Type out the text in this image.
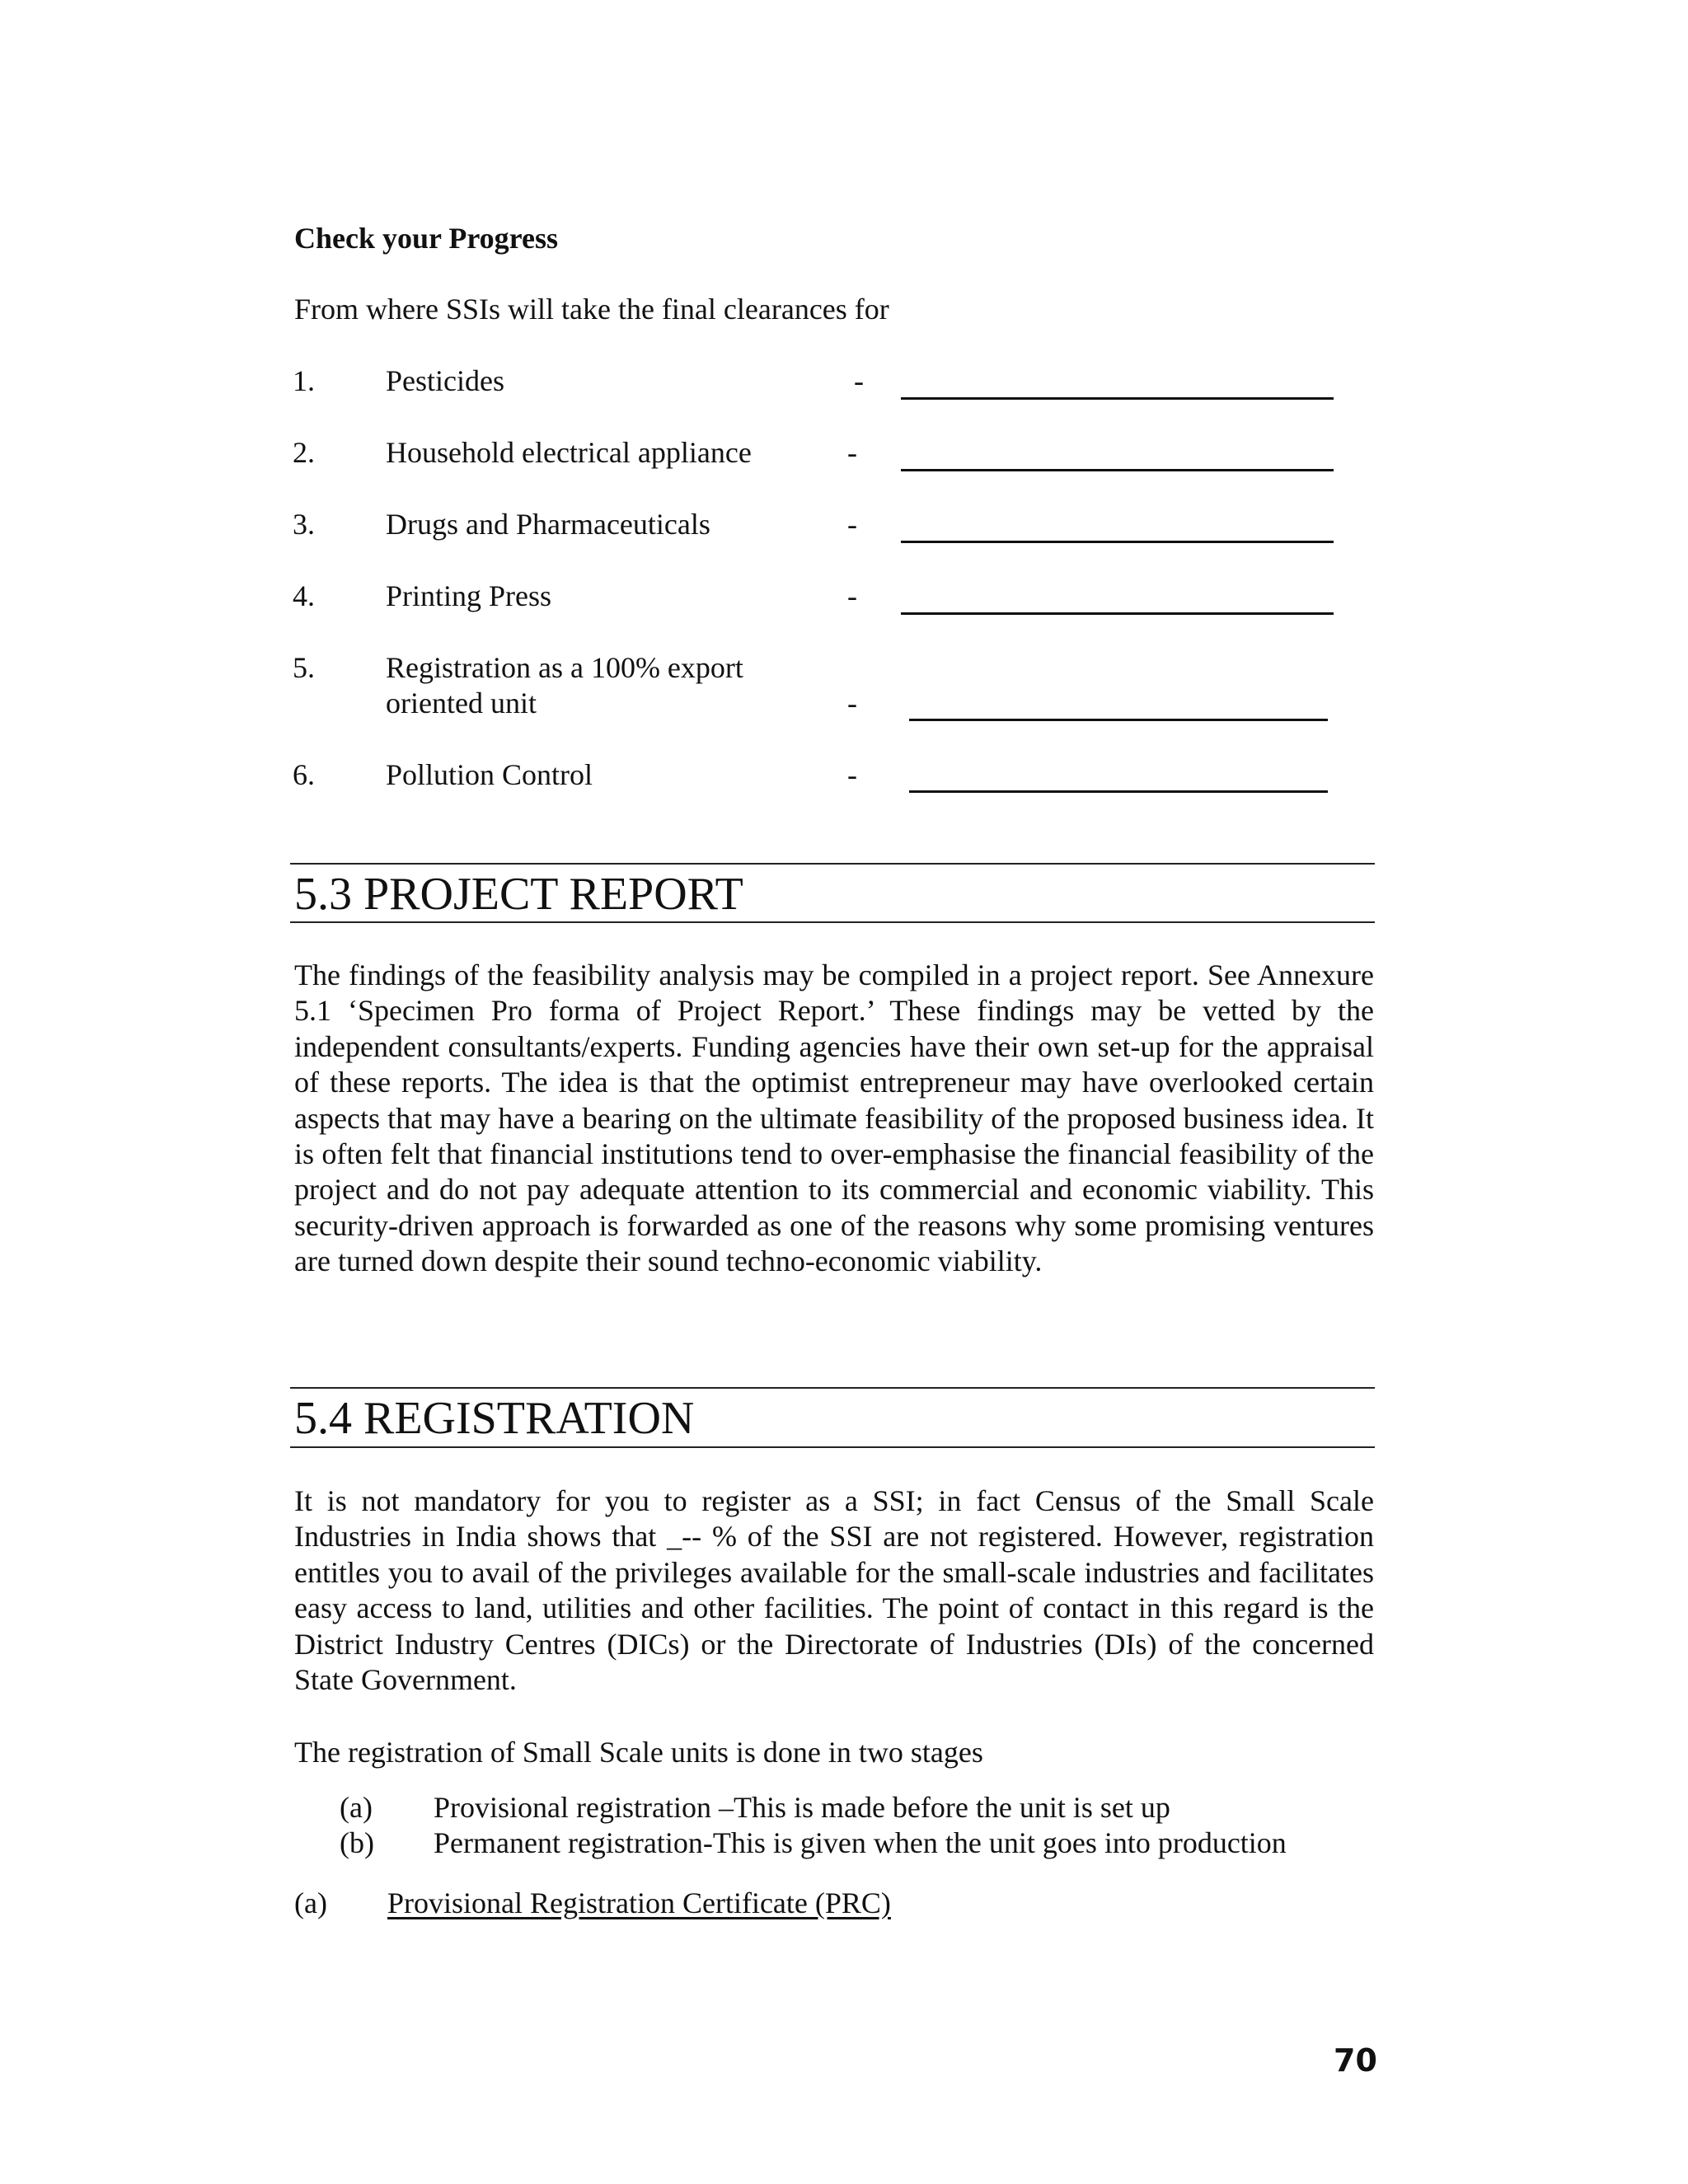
Check your Progress
From where SSIs will take the final clearances for
1. Pesticides	-
2. Household electrical appliance	-
3. Drugs and Pharmaceuticals	-
4. Printing Press	-
5. Registration as a 100% export
oriented unit	-
6. Pollution Control	-
5.3 PROJECT REPORT
The findings of the feasibility analysis may be compiled in a project report. See Annexure 5.1 ‘Specimen Pro forma of Project Report.’ These findings may be vetted by the independent consultants/experts. Funding agencies have their own set-up for the appraisal of these reports. The idea is that the optimist entrepreneur may have overlooked certain aspects that may have a bearing on the ultimate feasibility of the proposed business idea. It is often felt that financial institutions tend to over-emphasise the financial feasibility of the project and do not pay adequate attention to its commercial and economic viability. This security-driven approach is forwarded as one of the reasons why some promising ventures are turned down despite their sound techno-economic viability.
5.4 REGISTRATION
It is not mandatory for you to register as a SSI; in fact Census of the Small Scale Industries in India shows that _-- % of the SSI are not registered. However, registration entitles you to avail of the privileges available for the small-scale industries and facilitates easy access to land, utilities and other facilities. The point of contact in this regard is the District Industry Centres (DICs) or the Directorate of Industries (DIs) of the concerned State Government.
The registration of Small Scale units is done in two stages
(a) Provisional registration –This is made before the unit is set up
(b) Permanent registration-This is given when the unit goes into production
(a) Provisional Registration Certificate (PRC)
70
